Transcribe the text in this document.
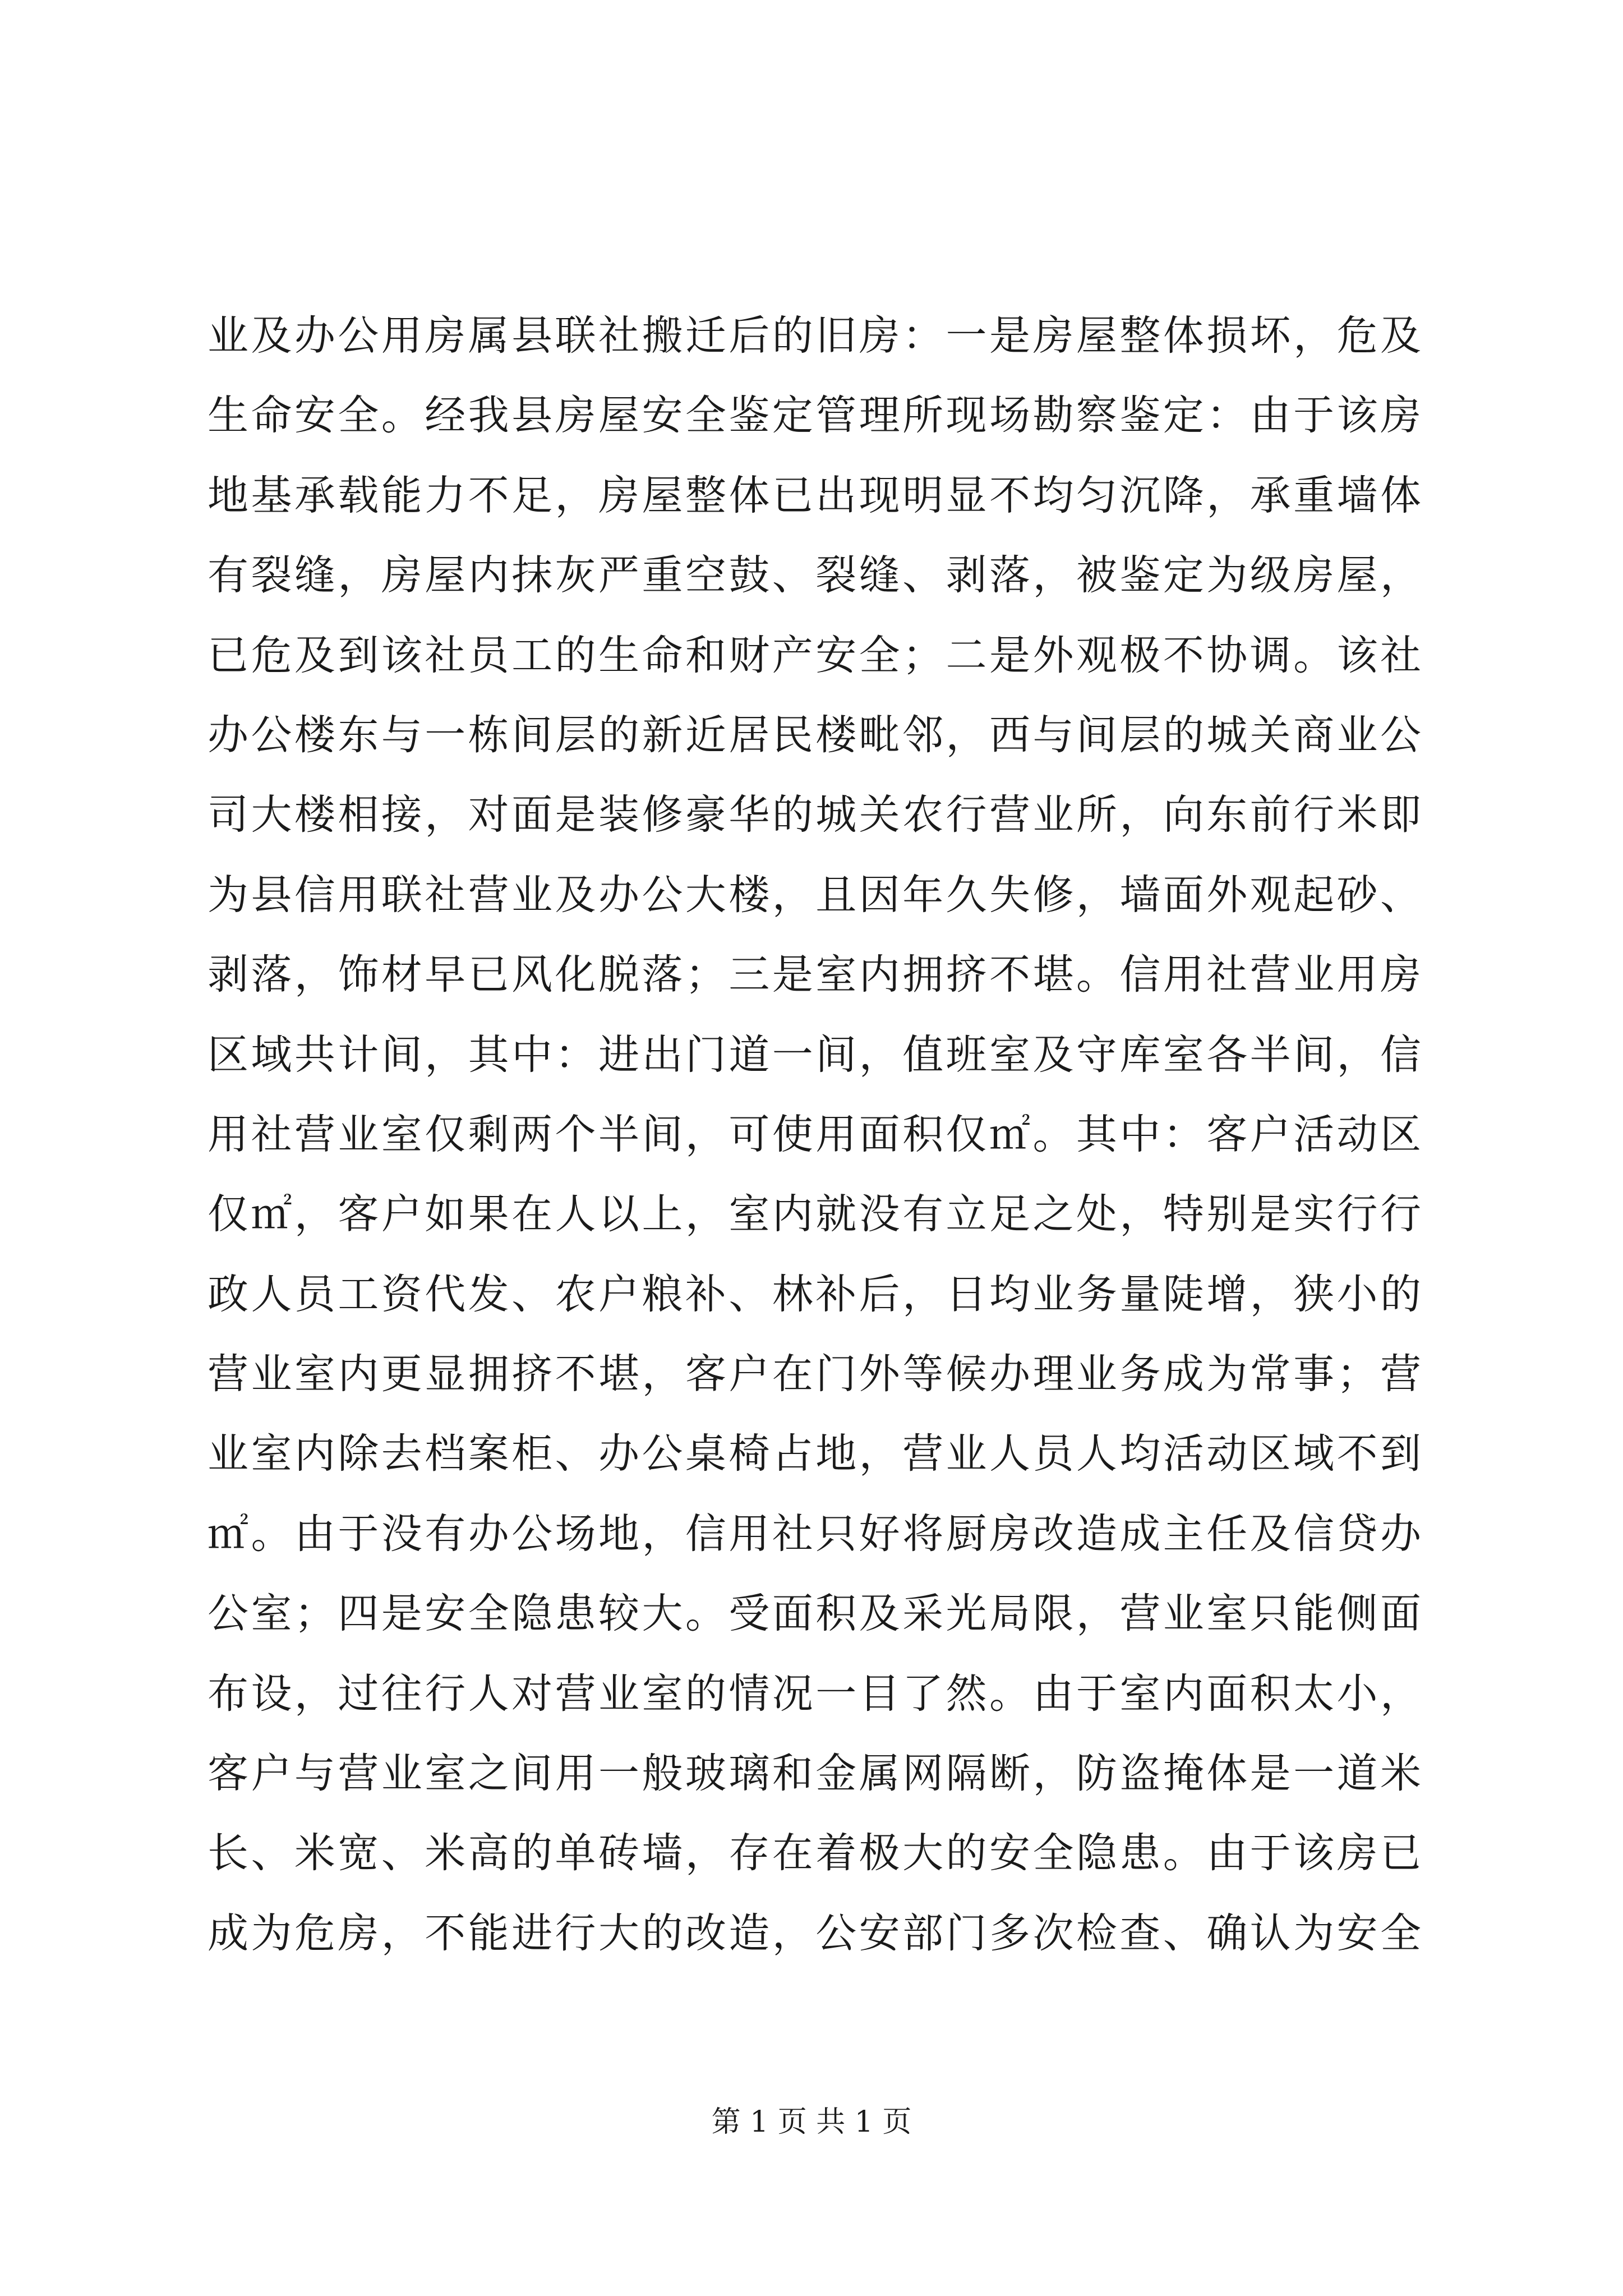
业及办公用房属县联社搬迁后的旧房：一是房屋整体损坏，危及
生命安全。经我县房屋安全鉴定管理所现场勘察鉴定：由于该房
地基承载能力不足，房屋整体已出现明显不均匀沉降，承重墙体
有裂缝，房屋内抹灰严重空鼓、裂缝、剥落，被鉴定为级房屋，
已危及到该社员工的生命和财产安全；二是外观极不协调。该社
办公楼东与一栋间层的新近居民楼毗邻，西与间层的城关商业公
司大楼相接，对面是装修豪华的城关农行营业所，向东前行米即
为县信用联社营业及办公大楼，且因年久失修，墙面外观起砂、
剥落，饰材早已风化脱落；三是室内拥挤不堪。信用社营业用房
区域共计间，其中：进出门道一间，值班室及守库室各半间，信
用社营业室仅剩两个半间，可使用面积仅㎡。其中：客户活动区
仅㎡，客户如果在人以上，室内就没有立足之处，特别是实行行
政人员工资代发、农户粮补、林补后，日均业务量陡增，狭小的
营业室内更显拥挤不堪，客户在门外等候办理业务成为常事；营
业室内除去档案柜、办公桌椅占地，营业人员人均活动区域不到
㎡。由于没有办公场地，信用社只好将厨房改造成主任及信贷办
公室；四是安全隐患较大。受面积及采光局限，营业室只能侧面
布设，过往行人对营业室的情况一目了然。由于室内面积太小，
客户与营业室之间用一般玻璃和金属网隔断，防盗掩体是一道米
长、米宽、米高的单砖墙，存在着极大的安全隐患。由于该房已
成为危房，不能进行大的改造，公安部门多次检查、确认为安全
第 1 页 共 1 页
